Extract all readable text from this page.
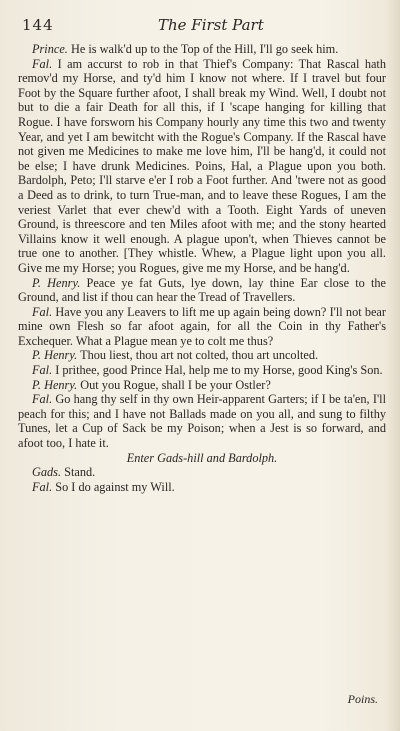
144	The First Part

Prince. He is walk'd up to the Top of the Hill, I'll go seek him.

Fal. I am accurst to rob in that Thief's Company: That Rascal hath remov'd my Horse, and ty'd him I know not where. If I travel but four Foot by the Square further afoot, I shall break my Wind. Well, I doubt not but to die a fair Death for all this, if I 'scape hanging for killing that Rogue. I have forsworn his Company hourly any time this two and twenty Year, and yet I am bewitcht with the Rogue's Company. If the Rascal have not given me Medicines to make me love him, I'll be hang'd, it could not be else; I have drunk Medicines. Poins, Hal, a Plague upon you both. Bardolph, Peto; I'll starve e'er I rob a Foot further. And 'twere not as good a Deed as to drink, to turn True-man, and to leave these Rogues, I am the veriest Varlet that ever chew'd with a Tooth. Eight Yards of uneven Ground, is threescore and ten Miles afoot with me; and the stony hearted Villains know it well enough. A plague upon't, when Thieves cannot be true one to another. [They whistle. Whew, a Plague light upon you all. Give me my Horse; you Rogues, give me my Horse, and be hang'd.

P. Henry. Peace ye fat Guts, lye down, lay thine Ear close to the Ground, and list if thou can hear the Tread of Travellers.

Fal. Have you any Leavers to lift me up again being down? I'll not bear mine own Flesh so far afoot again, for all the Coin in thy Father's Exchequer. What a Plague mean ye to colt me thus?

P. Henry. Thou liest, thou art not colted, thou art uncolted.

Fal. I prithee, good Prince Hal, help me to my Horse, good King's Son.

P. Henry. Out you Rogue, shall I be your Ostler?

Fal. Go hang thy self in thy own Heir-apparent Garters; if I be ta'en, I'll peach for this; and I have not Ballads made on you all, and sung to filthy Tunes, let a Cup of Sack be my Poison; when a Jest is so forward, and afoot too, I hate it.

Enter Gads-hill and Bardolph.

Gads. Stand.

Fal. So I do against my Will.

Poins.
